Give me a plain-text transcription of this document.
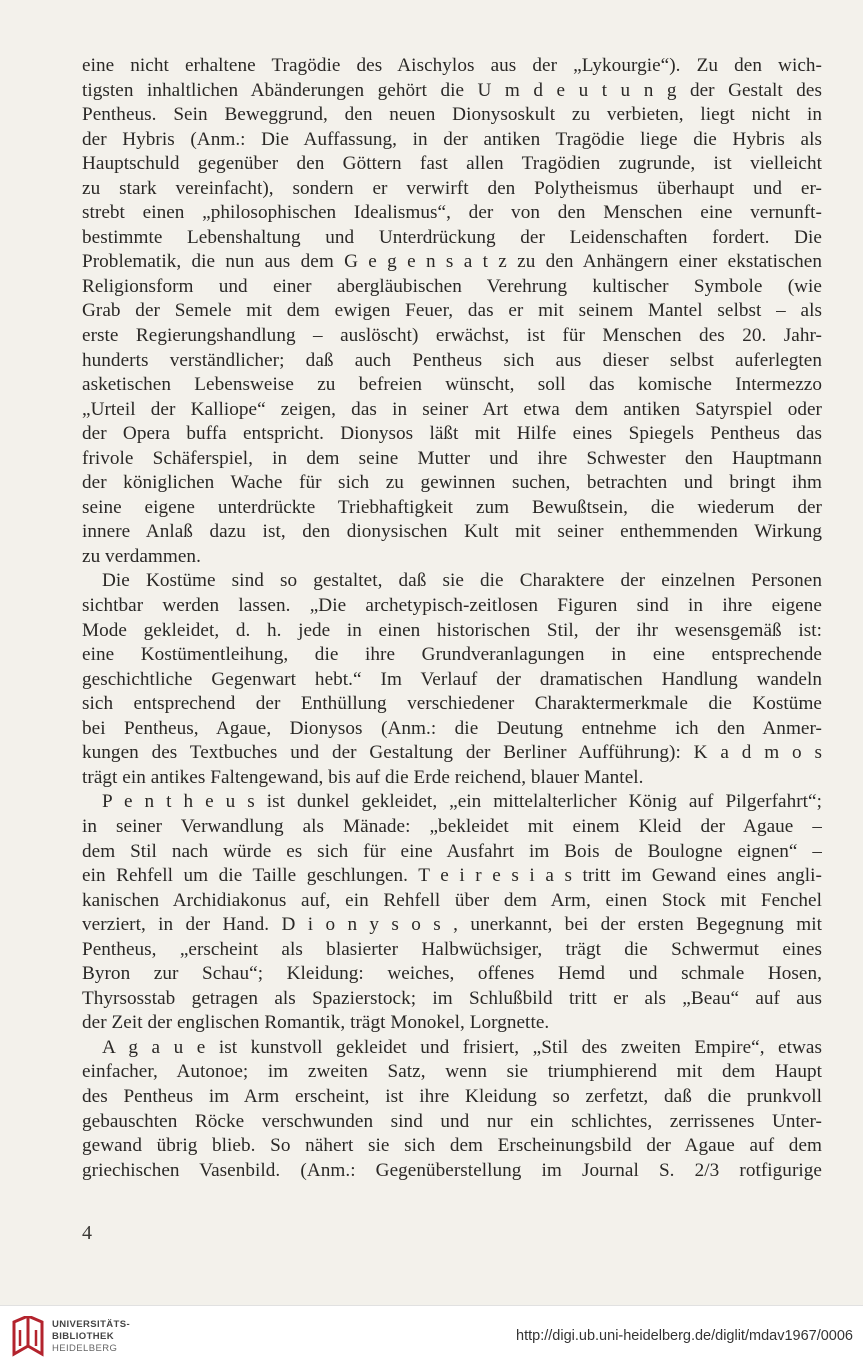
eine nicht erhaltene Tragödie des Aischylos aus der „Lykourgie“). Zu den wich-
tigsten inhaltlichen Abänderungen gehört die U m d e u t u n g der Gestalt des
Pentheus. Sein Beweggrund, den neuen Dionysoskult zu verbieten, liegt nicht in
der Hybris (Anm.: Die Auffassung, in der antiken Tragödie liege die Hybris als
Hauptschuld gegenüber den Göttern fast allen Tragödien zugrunde, ist vielleicht
zu stark vereinfacht), sondern er verwirft den Polytheismus überhaupt und er-
strebt einen „philosophischen Idealismus“, der von den Menschen eine vernunft-
bestimmte Lebenshaltung und Unterdrückung der Leidenschaften fordert. Die
Problematik, die nun aus dem G e g e n s a t z zu den Anhängern einer ekstatischen
Religionsform und einer abergläubischen Verehrung kultischer Symbole (wie
Grab der Semele mit dem ewigen Feuer, das er mit seinem Mantel selbst – als
erste Regierungshandlung – auslöscht) erwächst, ist für Menschen des 20. Jahr-
hunderts verständlicher; daß auch Pentheus sich aus dieser selbst auferlegten
asketischen Lebensweise zu befreien wünscht, soll das komische Intermezzo
„Urteil der Kalliope“ zeigen, das in seiner Art etwa dem antiken Satyrspiel oder
der Opera buffa entspricht. Dionysos läßt mit Hilfe eines Spiegels Pentheus das
frivole Schäferspiel, in dem seine Mutter und ihre Schwester den Hauptmann
der königlichen Wache für sich zu gewinnen suchen, betrachten und bringt ihm
seine eigene unterdrückte Triebhaftigkeit zum Bewußtsein, die wiederum der
innere Anlaß dazu ist, den dionysischen Kult mit seiner enthemmenden Wirkung
zu verdammen.
Die Kostüme sind so gestaltet, daß sie die Charaktere der einzelnen Personen
sichtbar werden lassen. „Die archetypisch-zeitlosen Figuren sind in ihre eigene
Mode gekleidet, d. h. jede in einen historischen Stil, der ihr wesensgemäß ist:
eine Kostümentleihung, die ihre Grundveranlagungen in eine entsprechende
geschichtliche Gegenwart hebt.“ Im Verlauf der dramatischen Handlung wandeln
sich entsprechend der Enthüllung verschiedener Charaktermerkmale die Kostüme
bei Pentheus, Agaue, Dionysos (Anm.: die Deutung entnehme ich den Anmer-
kungen des Textbuches und der Gestaltung der Berliner Aufführung): K a d m o s
trägt ein antikes Faltengewand, bis auf die Erde reichend, blauer Mantel.
P e n t h e u s ist dunkel gekleidet, „ein mittelalterlicher König auf Pilgerfahrt“;
in seiner Verwandlung als Mänade: „bekleidet mit einem Kleid der Agaue –
dem Stil nach würde es sich für eine Ausfahrt im Bois de Boulogne eignen“ –
ein Rehfell um die Taille geschlungen. T e i r e s i a s tritt im Gewand eines angli-
kanischen Archidiakonus auf, ein Rehfell über dem Arm, einen Stock mit Fenchel
verziert, in der Hand. D i o n y s o s , unerkannt, bei der ersten Begegnung mit
Pentheus, „erscheint als blasierter Halbwüchsiger, trägt die Schwermut eines
Byron zur Schau“; Kleidung: weiches, offenes Hemd und schmale Hosen,
Thyrsosstab getragen als Spazierstock; im Schlußbild tritt er als „Beau“ auf aus
der Zeit der englischen Romantik, trägt Monokel, Lorgnette.
A g a u e ist kunstvoll gekleidet und frisiert, „Stil des zweiten Empire“, etwas
einfacher, Autonoe; im zweiten Satz, wenn sie triumphierend mit dem Haupt
des Pentheus im Arm erscheint, ist ihre Kleidung so zerfetzt, daß die prunkvoll
gebauschten Röcke verschwunden sind und nur ein schlichtes, zerrissenes Unter-
gewand übrig blieb. So nähert sie sich dem Erscheinungsbild der Agaue auf dem
griechischen Vasenbild. (Anm.: Gegenüberstellung im Journal S. 2/3 rotfigurige
4
UNIVERSITÄTS-
BIBLIOTHEK
HEIDELBERG
http://digi.ub.uni-heidelberg.de/diglit/mdav1967/0006
